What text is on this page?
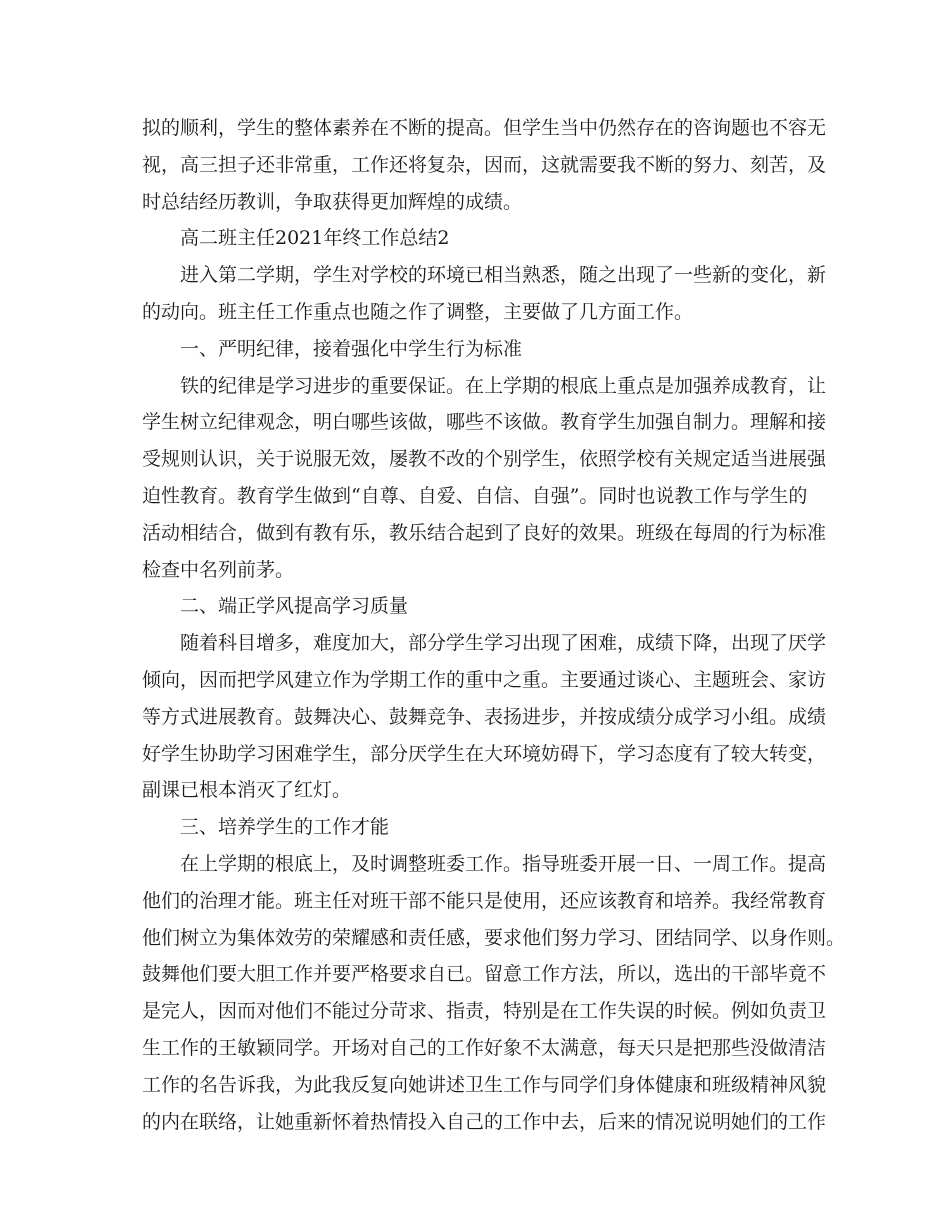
拟的顺利，学生的整体素养在不断的提高。但学生当中仍然存在的咨询题也不容无
视，高三担子还非常重，工作还将复杂，因而，这就需要我不断的努力、刻苦，及
时总结经历教训，争取获得更加辉煌的成绩。
高二班主任2021年终工作总结2
进入第二学期，学生对学校的环境已相当熟悉，随之出现了一些新的变化，新
的动向。班主任工作重点也随之作了调整，主要做了几方面工作。
一、严明纪律，接着强化中学生行为标准
铁的纪律是学习进步的重要保证。在上学期的根底上重点是加强养成教育，让
学生树立纪律观念，明白哪些该做，哪些不该做。教育学生加强自制力。理解和接
受规则认识，关于说服无效，屡教不改的个别学生，依照学校有关规定适当进展强
迫性教育。教育学生做到“自尊、自爱、自信、自强”。同时也说教工作与学生的
活动相结合，做到有教有乐，教乐结合起到了良好的效果。班级在每周的行为标准
检查中名列前茅。
二、端正学风提高学习质量
随着科目增多，难度加大，部分学生学习出现了困难，成绩下降，出现了厌学
倾向，因而把学风建立作为学期工作的重中之重。主要通过谈心、主题班会、家访
等方式进展教育。鼓舞决心、鼓舞竞争、表扬进步，并按成绩分成学习小组。成绩
好学生协助学习困难学生，部分厌学生在大环境妨碍下，学习态度有了较大转变，
副课已根本消灭了红灯。
三、培养学生的工作才能
在上学期的根底上，及时调整班委工作。指导班委开展一日、一周工作。提高
他们的治理才能。班主任对班干部不能只是使用，还应该教育和培养。我经常教育
他们树立为集体效劳的荣耀感和责任感，要求他们努力学习、团结同学、以身作则。
鼓舞他们要大胆工作并要严格要求自已。留意工作方法，所以，选出的干部毕竟不
是完人，因而对他们不能过分苛求、指责，特别是在工作失误的时候。例如负责卫
生工作的王敏颖同学。开场对自己的工作好象不太满意，每天只是把那些没做清洁
工作的名告诉我，为此我反复向她讲述卫生工作与同学们身体健康和班级精神风貌
的内在联络，让她重新怀着热情投入自己的工作中去，后来的情况说明她们的工作
